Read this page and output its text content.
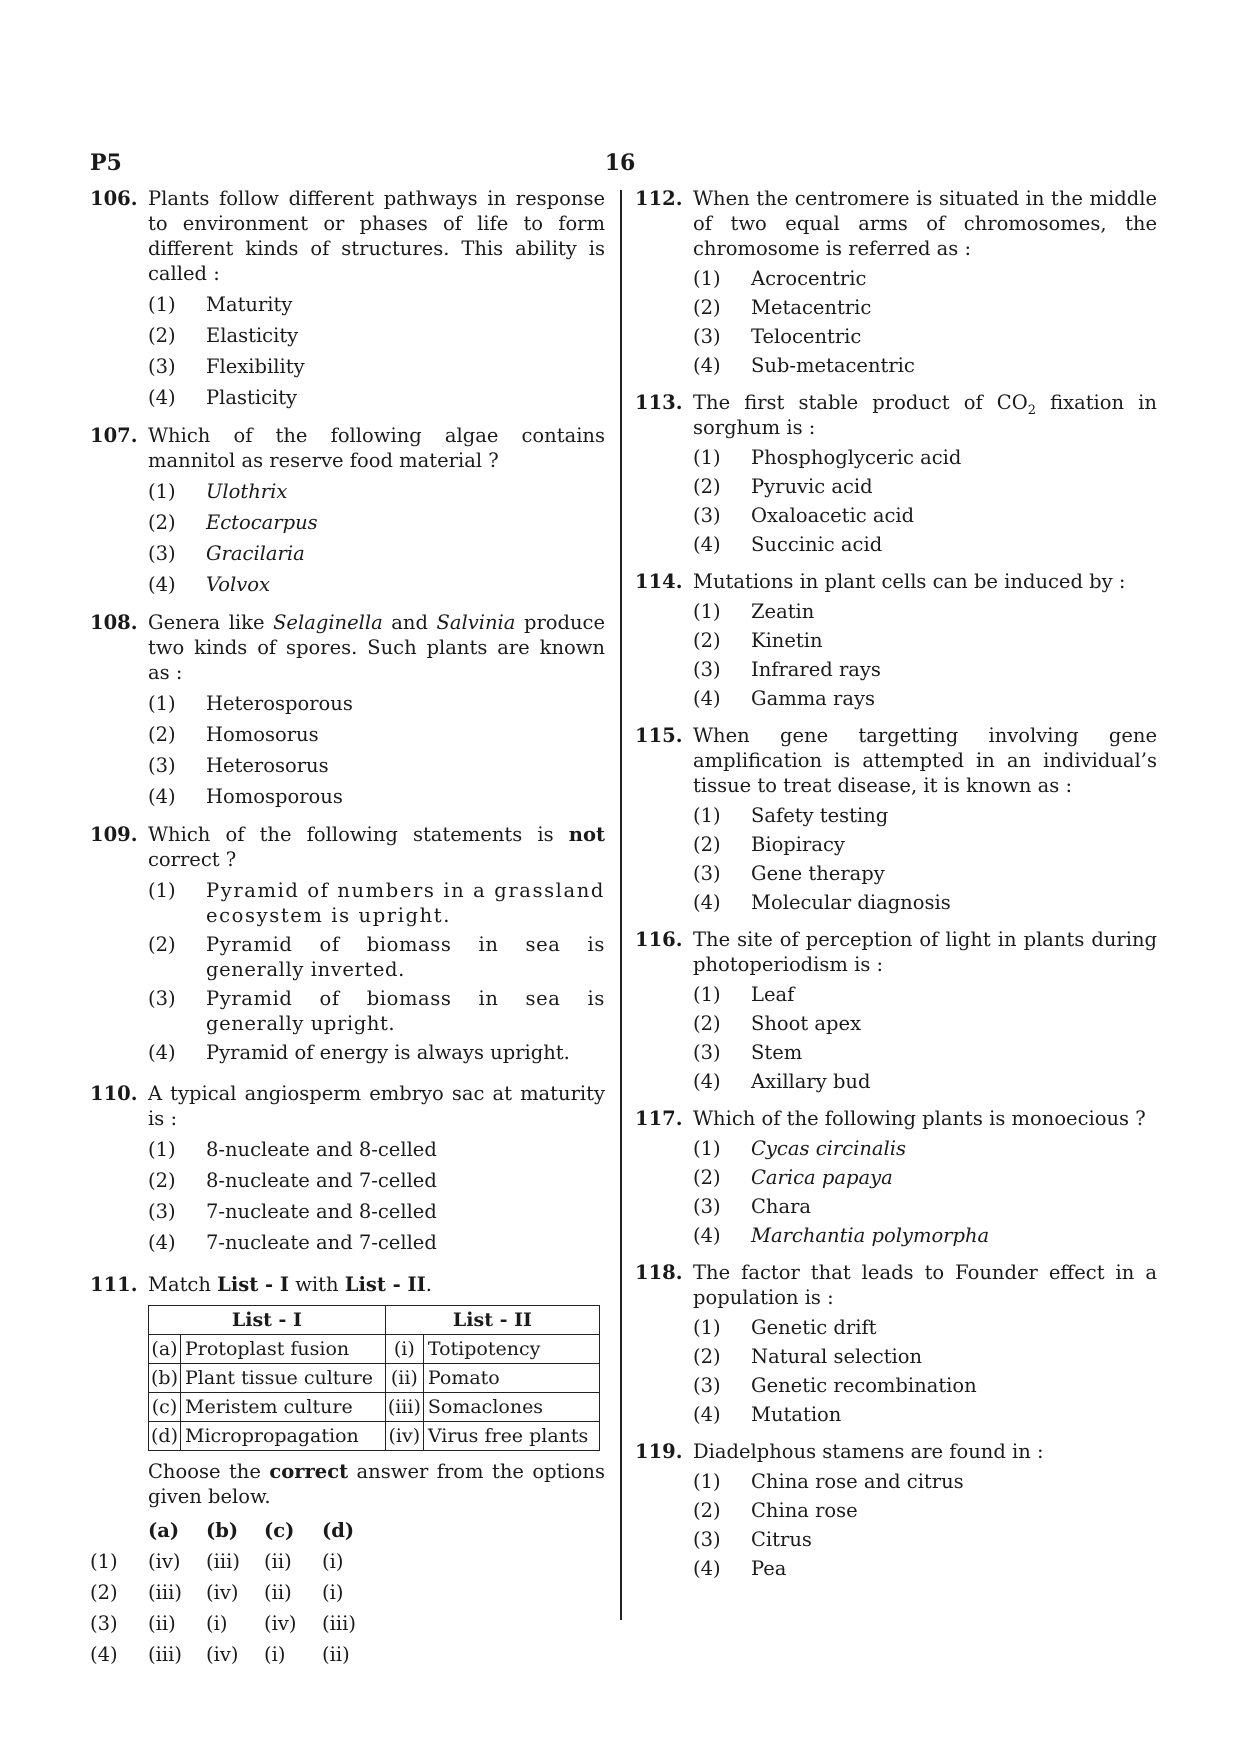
P5	16
106. Plants follow different pathways in response to environment or phases of life to form different kinds of structures. This ability is called :
(1)	Maturity
(2)	Elasticity
(3)	Flexibility
(4)	Plasticity
107. Which of the following algae contains mannitol as reserve food material ?
(1)	Ulothrix
(2)	Ectocarpus
(3)	Gracilaria
(4)	Volvox
108. Genera like Selaginella and Salvinia produce two kinds of spores. Such plants are known as :
(1)	Heterosporous
(2)	Homosorus
(3)	Heterosorus
(4)	Homosporous
109. Which of the following statements is not correct ?
(1) Pyramid of numbers in a grassland ecosystem is upright.
(2) Pyramid of biomass in sea is generally inverted.
(3) Pyramid of biomass in sea is generally upright.
(4) Pyramid of energy is always upright.
110. A typical angiosperm embryo sac at maturity is :
(1)	8-nucleate and 8-celled
(2)	8-nucleate and 7-celled
(3)	7-nucleate and 8-celled
(4)	7-nucleate and 7-celled
111. Match List - I with List - II.
List - I		List - II	
(a)	Protoplast fusion	(i)	Totipotency
(b)	Plant tissue culture	(ii)	Pomato
(c)	Meristem culture	(iii)	Somaclones
(d)	Micropropagation	(iv)	Virus free plants
Choose the correct answer from the options given below.
(a)	(b)	(c)	(d)
(1)	(iv)	(iii)	(ii)	(i)
(2)	(iii)	(iv)	(ii)	(i)
(3)	(ii)	(i)	(iv)	(iii)
(4)	(iii)	(iv)	(i)	(ii)
112. When the centromere is situated in the middle of two equal arms of chromosomes, the chromosome is referred as :
(1)	Acrocentric
(2)	Metacentric
(3)	Telocentric
(4)	Sub-metacentric
113. The first stable product of $CO_2$ fixation in sorghum is :
(1)	Phosphoglyceric acid
(2)	Pyruvic acid
(3)	Oxaloacetic acid
(4)	Succinic acid
114. Mutations in plant cells can be induced by :
(1)	Zeatin
(2)	Kinetin
(3)	Infrared rays
(4)	Gamma rays
115. When gene targetting involving gene amplification is attempted in an individual’s tissue to treat disease, it is known as :
(1)	Safety testing
(2)	Biopiracy
(3)	Gene therapy
(4)	Molecular diagnosis
116. The site of perception of light in plants during photoperiodism is :
(1)	Leaf
(2)	Shoot apex
(3)	Stem
(4)	Axillary bud
117. Which of the following plants is monoecious ?
(1)	Cycas circinalis
(2)	Carica papaya
(3)	Chara
(4)	Marchantia polymorpha
118. The factor that leads to Founder effect in a population is :
(1)	Genetic drift
(2)	Natural selection
(3)	Genetic recombination
(4)	Mutation
119. Diadelphous stamens are found in :
(1)	China rose and citrus
(2)	China rose
(3)	Citrus
(4)	Pea
